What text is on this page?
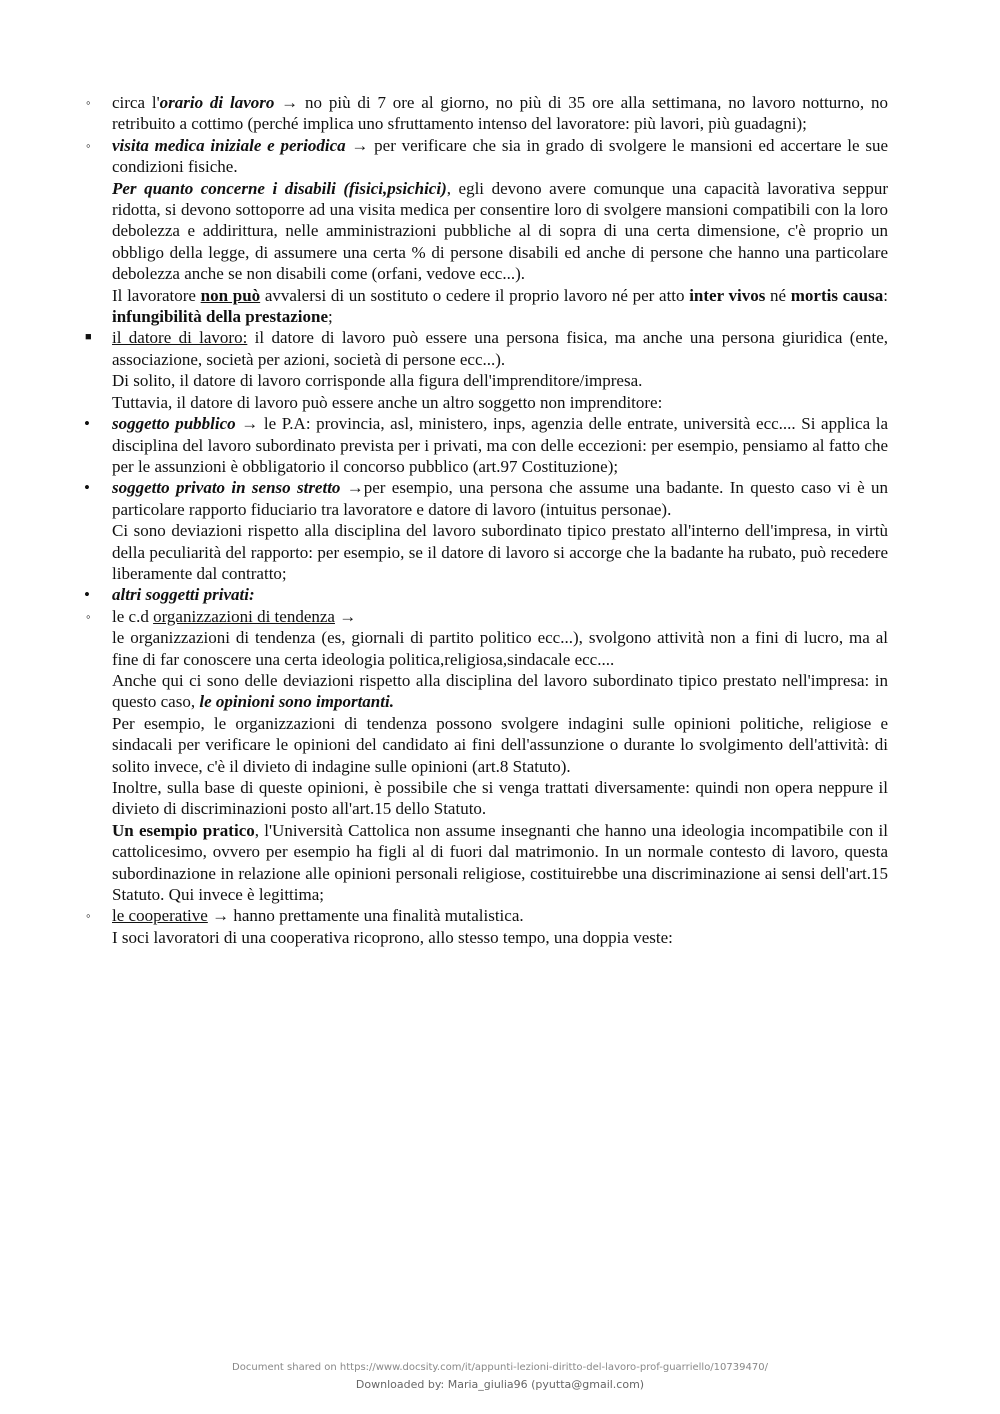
◦ circa l'orario di lavoro → no più di 7 ore al giorno, no più di 35 ore alla settimana, no lavoro notturno, no retribuito a cottimo (perché implica uno sfruttamento intenso del lavoratore: più lavori, più guadagni);

◦ visita medica iniziale e periodica → per verificare che sia in grado di svolgere le mansioni ed accertare le sue condizioni fisiche.

Per quanto concerne i disabili (fisici,psichici), egli devono avere comunque una capacità lavorativa seppur ridotta, si devono sottoporre ad una visita medica per consentire loro di svolgere mansioni compatibili con la loro debolezza e addirittura, nelle amministrazioni pubbliche al di sopra di una certa dimensione, c'è proprio un obbligo della legge, di assumere una certa % di persone disabili ed anche di persone che hanno una particolare debolezza anche se non disabili come (orfani, vedove ecc...).

Il lavoratore non può avvalersi di un sostituto o cedere il proprio lavoro né per atto inter vivos né mortis causa: infungibilità della prestazione;

■ il datore di lavoro: il datore di lavoro può essere una persona fisica, ma anche una persona giuridica (ente, associazione, società per azioni, società di persone ecc...).

Di solito, il datore di lavoro corrisponde alla figura dell'imprenditore/impresa.

Tuttavia, il datore di lavoro può essere anche un altro soggetto non imprenditore:

• soggetto pubblico → le P.A: provincia, asl, ministero, inps, agenzia delle entrate, università ecc.... Si applica la disciplina del lavoro subordinato prevista per i privati, ma con delle eccezioni: per esempio, pensiamo al fatto che per le assunzioni è obbligatorio il concorso pubblico (art.97 Costituzione);

• soggetto privato in senso stretto →per esempio, una persona che assume una badante. In questo caso vi è un particolare rapporto fiduciario tra lavoratore e datore di lavoro (intuitus personae).

Ci sono deviazioni rispetto alla disciplina del lavoro subordinato tipico prestato all'interno dell'impresa, in virtù della peculiarità del rapporto: per esempio, se il datore di lavoro si accorge che la badante ha rubato, può recedere liberamente dal contratto;

• altri soggetti privati:

◦ le c.d organizzazioni di tendenza →

le organizzazioni di tendenza (es, giornali di partito politico ecc...), svolgono attività non a fini di lucro, ma al fine di far conoscere una certa ideologia politica,religiosa,sindacale ecc....

Anche qui ci sono delle deviazioni rispetto alla disciplina del lavoro subordinato tipico prestato nell'impresa: in questo caso, le opinioni sono importanti.

Per esempio, le organizzazioni di tendenza possono svolgere indagini sulle opinioni politiche, religiose e sindacali per verificare le opinioni del candidato ai fini dell'assunzione o durante lo svolgimento dell'attività: di solito invece, c'è il divieto di indagine sulle opinioni (art.8 Statuto).

Inoltre, sulla base di queste opinioni, è possibile che si venga trattati diversamente: quindi non opera neppure il divieto di discriminazioni posto all'art.15 dello Statuto.

Un esempio pratico, l'Università Cattolica non assume insegnanti che hanno una ideologia incompatibile con il cattolicesimo, ovvero per esempio ha figli al di fuori dal matrimonio. In un normale contesto di lavoro, questa subordinazione in relazione alle opinioni personali religiose, costituirebbe una discriminazione ai sensi dell'art.15 Statuto. Qui invece è legittima;

◦ le cooperative → hanno prettamente una finalità mutalistica.

I soci lavoratori di una cooperativa ricoprono, allo stesso tempo, una doppia veste:

Document shared on https://www.docsity.com/it/appunti-lezioni-diritto-del-lavoro-prof-guarriello/10739470/
Downloaded by: Maria_giulia96 (pyutta@gmail.com)
